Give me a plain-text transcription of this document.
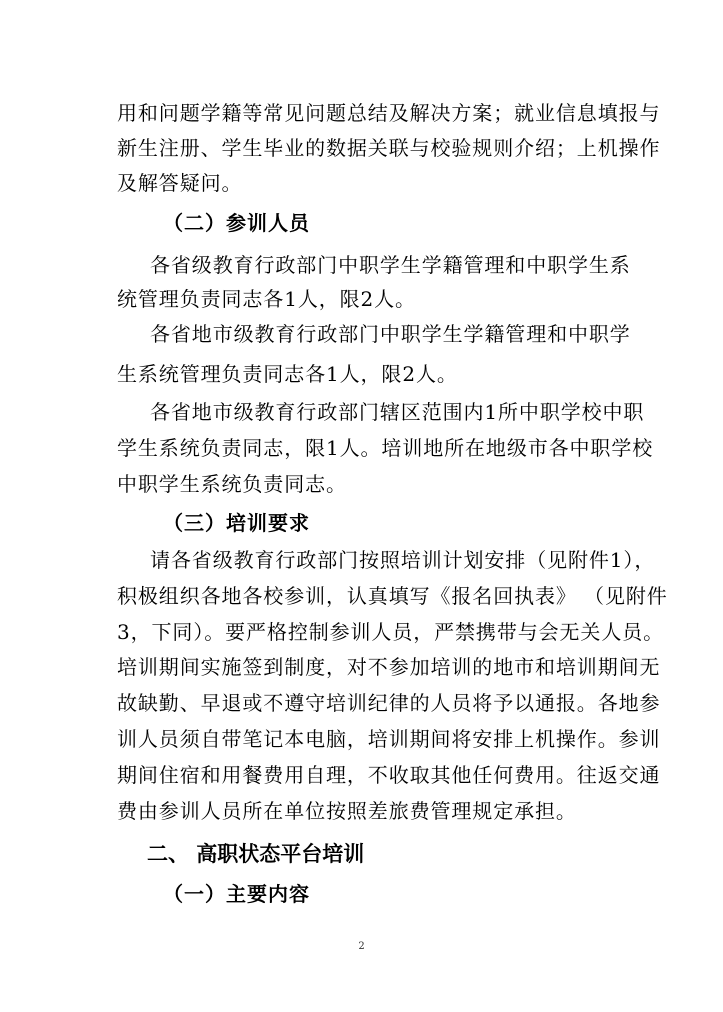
用和问题学籍等常见问题总结及解决方案；就业信息填报与
新生注册、学生毕业的数据关联与校验规则介绍；上机操作
及解答疑问。
（二）参训人员
各省级教育行政部门中职学生学籍管理和中职学生系
统管理负责同志各1人，限2人。
各省地市级教育行政部门中职学生学籍管理和中职学
生系统管理负责同志各1人，限2人。
各省地市级教育行政部门辖区范围内1所中职学校中职
学生系统负责同志，限1人。培训地所在地级市各中职学校
中职学生系统负责同志。
（三）培训要求
请各省级教育行政部门按照培训计划安排（见附件1），
积极组织各地各校参训，认真填写《报名回执表》 （见附件
3，下同）。要严格控制参训人员，严禁携带与会无关人员。
培训期间实施签到制度，对不参加培训的地市和培训期间无
故缺勤、早退或不遵守培训纪律的人员将予以通报。各地参
训人员须自带笔记本电脑，培训期间将安排上机操作。参训
期间住宿和用餐费用自理，不收取其他任何费用。往返交通
费由参训人员所在单位按照差旅费管理规定承担。
二、 高职状态平台培训
（一）主要内容
2
